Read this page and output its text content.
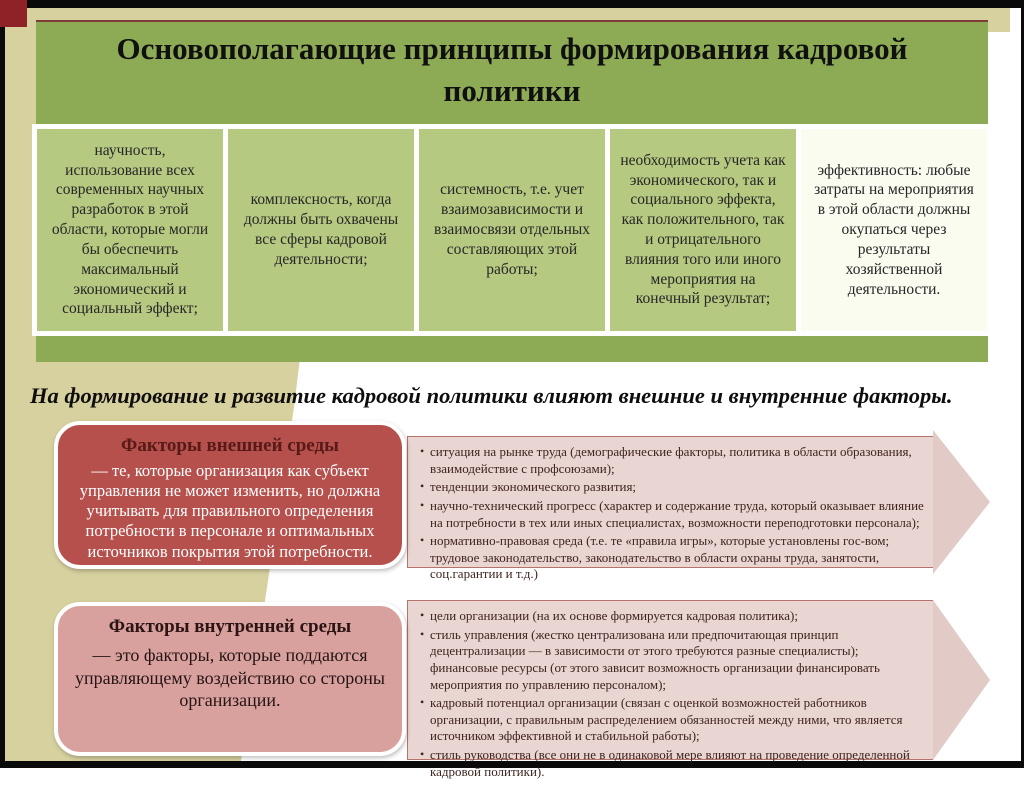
Основополагающие принципы формирования кадровой политики
научность, использование всех современных научных разработок в этой области, которые могли бы обеспечить максимальный экономический и социальный эффект;
комплексность, когда должны быть охвачены все сферы кадровой деятельности;
системность, т.е. учет взаимозависимости и взаимосвязи отдельных составляющих этой работы;
необходимость учета как экономического, так и социального эффекта, как положительного, так и отрицательного влияния того или иного мероприятия на конечный результат;
эффективность: любые затраты на мероприятия в этой области должны окупаться через результаты хозяйственной деятельности.
На формирование и развитие кадровой политики влияют внешние и внутренние факторы.
• ситуация на рынке труда (демографические факторы, политика в области образования, взаимодействие с профсоюзами);
• тенденции экономического развития;
• научно-технический прогресс (характер и содержание труда, который оказывает влияние на потребности в тех или иных специалистах, возможности переподготовки персонала);
• нормативно-правовая среда (т.е. те «правила игры», которые установлены гос-вом; трудовое законодательство, законодательство в области охраны труда, занятости, соц.гарантии и т.д.)
Факторы внешней среды
— те, которые организация как субъект управления не может изменить, но должна учитывать для правильного определения потребности в персонале и оптимальных источников покрытия этой потребности.
• цели организации (на их основе формируется кадровая политика);
• стиль управления (жестко централизована или предпочитающая принцип децентрализации — в зависимости от этого требуются разные специалисты); финансовые ресурсы (от этого зависит возможность организации финансировать мероприятия по управлению персоналом);
• кадровый потенциал организации (связан с оценкой возможностей работников организации, с правильным распределением обязанностей между ними, что является источником эффективной и стабильной работы);
• стиль руководства (все они не в одинаковой мере влияют на проведение определенной кадровой политики).
Факторы внутренней среды
— это факторы, которые поддаются управляющему воздействию со стороны организации.
